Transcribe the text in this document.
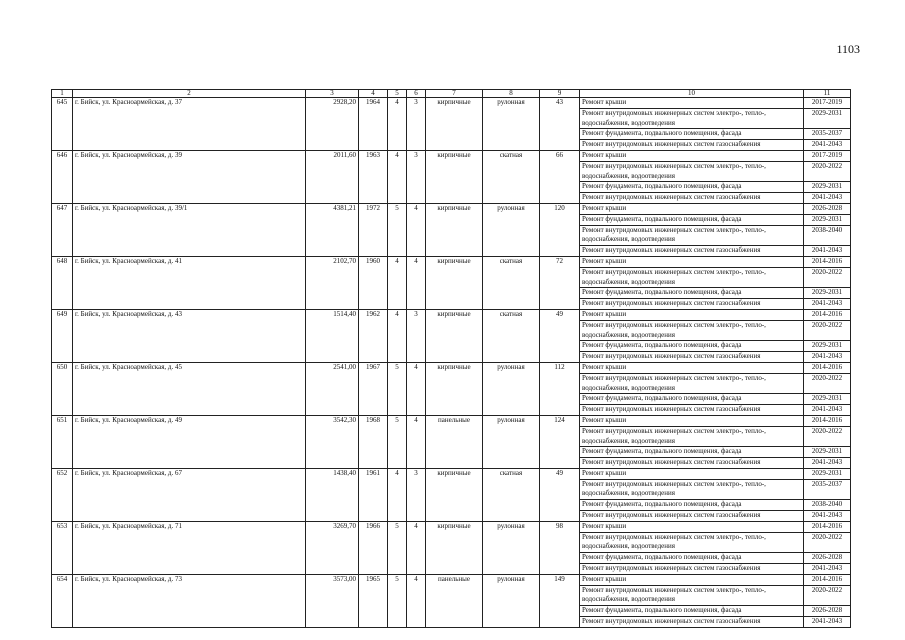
1103
1	2	3	4	5	6	7	8	9	10	11
645	г. Бийск, ул. Красноармейская, д. 37	2928,20	1964	4	3	кирпичные	рулонная	43	Ремонт крыши	2017-2019
									Ремонт внутридомовых инженерных систем электро-, тепло-, водоснабжения, водоотведения	2029-2031
									Ремонт фундамента, подвального помещения, фасада	2035-2037
									Ремонт внутридомовых инженерных систем газоснабжения	2041-2043
646	г. Бийск, ул. Красноармейская, д. 39	2011,60	1963	4	3	кирпичные	скатная	66	Ремонт крыши	2017-2019
									Ремонт внутридомовых инженерных систем электро-, тепло-, водоснабжения, водоотведения	2020-2022
									Ремонт фундамента, подвального помещения, фасада	2029-2031
									Ремонт внутридомовых инженерных систем газоснабжения	2041-2043
647	г. Бийск, ул. Красноармейская, д. 39/1	4381,21	1972	5	4	кирпичные	рулонная	120	Ремонт крыши	2026-2028
									Ремонт фундамента, подвального помещения, фасада	2029-2031
									Ремонт внутридомовых инженерных систем электро-, тепло-, водоснабжения, водоотведения	2038-2040
									Ремонт внутридомовых инженерных систем газоснабжения	2041-2043
648	г. Бийск, ул. Красноармейская, д. 41	2102,70	1960	4	4	кирпичные	скатная	72	Ремонт крыши	2014-2016
									Ремонт внутридомовых инженерных систем электро-, тепло-, водоснабжения, водоотведения	2020-2022
									Ремонт фундамента, подвального помещения, фасада	2029-2031
									Ремонт внутридомовых инженерных систем газоснабжения	2041-2043
649	г. Бийск, ул. Красноармейская, д. 43	1514,40	1962	4	3	кирпичные	скатная	49	Ремонт крыши	2014-2016
									Ремонт внутридомовых инженерных систем электро-, тепло-, водоснабжения, водоотведения	2020-2022
									Ремонт фундамента, подвального помещения, фасада	2029-2031
									Ремонт внутридомовых инженерных систем газоснабжения	2041-2043
650	г. Бийск, ул. Красноармейская, д. 45	2541,00	1967	5	4	кирпичные	рулонная	112	Ремонт крыши	2014-2016
									Ремонт внутридомовых инженерных систем электро-, тепло-, водоснабжения, водоотведения	2020-2022
									Ремонт фундамента, подвального помещения, фасада	2029-2031
									Ремонт внутридомовых инженерных систем газоснабжения	2041-2043
651	г. Бийск, ул. Красноармейская, д. 49	3542,30	1968	5	4	панельные	рулонная	124	Ремонт крыши	2014-2016
									Ремонт внутридомовых инженерных систем электро-, тепло-, водоснабжения, водоотведения	2020-2022
									Ремонт фундамента, подвального помещения, фасада	2029-2031
									Ремонт внутридомовых инженерных систем газоснабжения	2041-2043
652	г. Бийск, ул. Красноармейская, д. 67	1438,40	1961	4	3	кирпичные	скатная	49	Ремонт крыши	2029-2031
									Ремонт внутридомовых инженерных систем электро-, тепло-, водоснабжения, водоотведения	2035-2037
									Ремонт фундамента, подвального помещения, фасада	2038-2040
									Ремонт внутридомовых инженерных систем газоснабжения	2041-2043
653	г. Бийск, ул. Красноармейская, д. 71	3269,70	1966	5	4	кирпичные	рулонная	98	Ремонт крыши	2014-2016
									Ремонт внутридомовых инженерных систем электро-, тепло-, водоснабжения, водоотведения	2020-2022
									Ремонт фундамента, подвального помещения, фасада	2026-2028
									Ремонт внутридомовых инженерных систем газоснабжения	2041-2043
654	г. Бийск, ул. Красноармейская, д. 73	3573,00	1965	5	4	панельные	рулонная	149	Ремонт крыши	2014-2016
									Ремонт внутридомовых инженерных систем электро-, тепло-, водоснабжения, водоотведения	2020-2022
									Ремонт фундамента, подвального помещения, фасада	2026-2028
									Ремонт внутридомовых инженерных систем газоснабжения	2041-2043
